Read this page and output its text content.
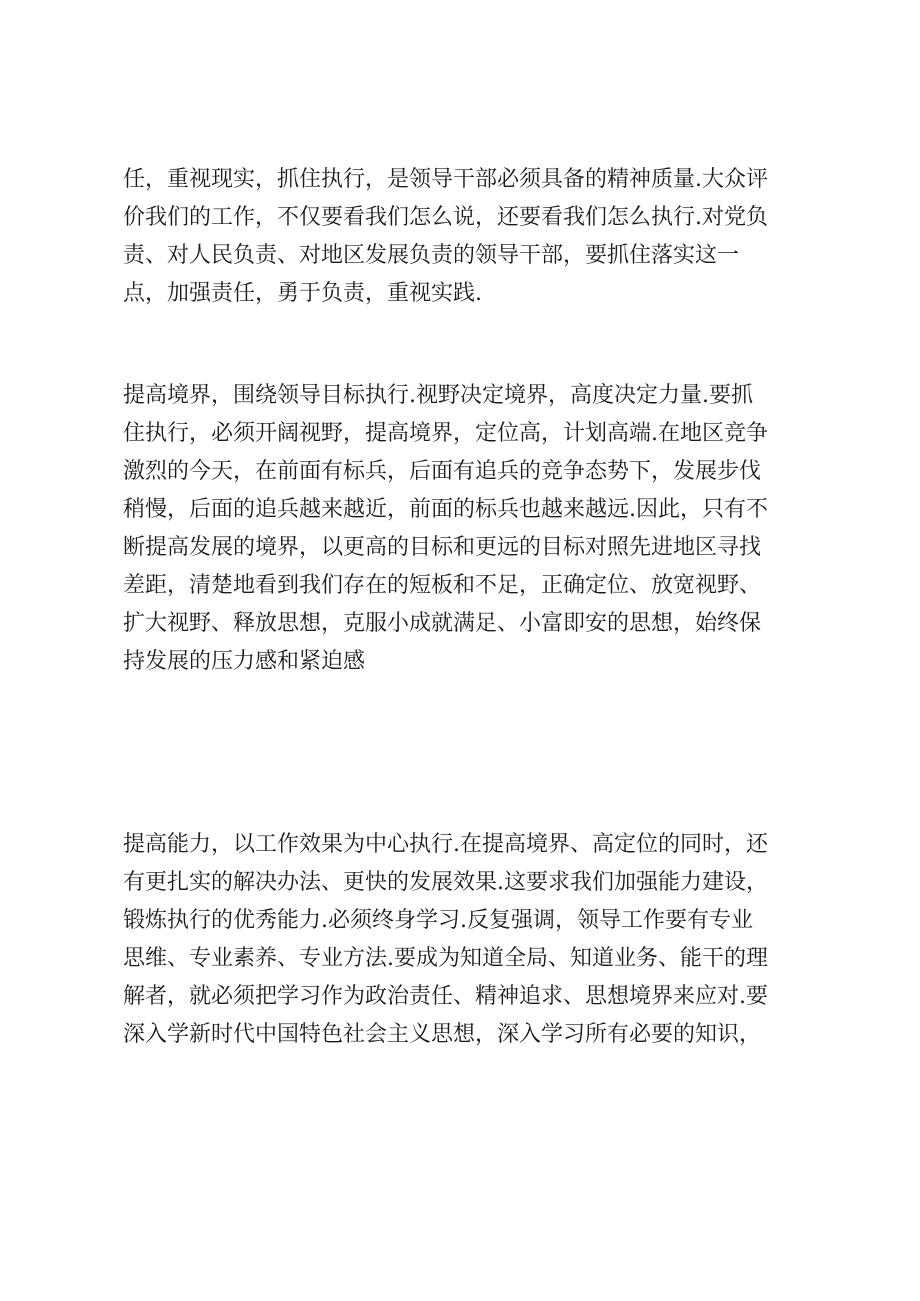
任，重视现实，抓住执行，是领导干部必须具备的精神质量.大众评
价我们的工作，不仅要看我们怎么说，还要看我们怎么执行.对党负
责、对人民负责、对地区发展负责的领导干部，要抓住落实这一
点，加强责任，勇于负责，重视实践.
提高境界，围绕领导目标执行.视野决定境界，高度决定力量.要抓
住执行，必须开阔视野，提高境界，定位高，计划高端.在地区竞争
激烈的今天，在前面有标兵，后面有追兵的竞争态势下，发展步伐
稍慢，后面的追兵越来越近，前面的标兵也越来越远.因此，只有不
断提高发展的境界，以更高的目标和更远的目标对照先进地区寻找
差距，清楚地看到我们存在的短板和不足，正确定位、放宽视野、
扩大视野、释放思想，克服小成就满足、小富即安的思想，始终保
持发展的压力感和紧迫感
提高能力，以工作效果为中心执行.在提高境界、高定位的同时，还
有更扎实的解决办法、更快的发展效果.这要求我们加强能力建设，
锻炼执行的优秀能力.必须终身学习.反复强调，领导工作要有专业
思维、专业素养、专业方法.要成为知道全局、知道业务、能干的理
解者，就必须把学习作为政治责任、精神追求、思想境界来应对.要
深入学新时代中国特色社会主义思想，深入学习所有必要的知识，
